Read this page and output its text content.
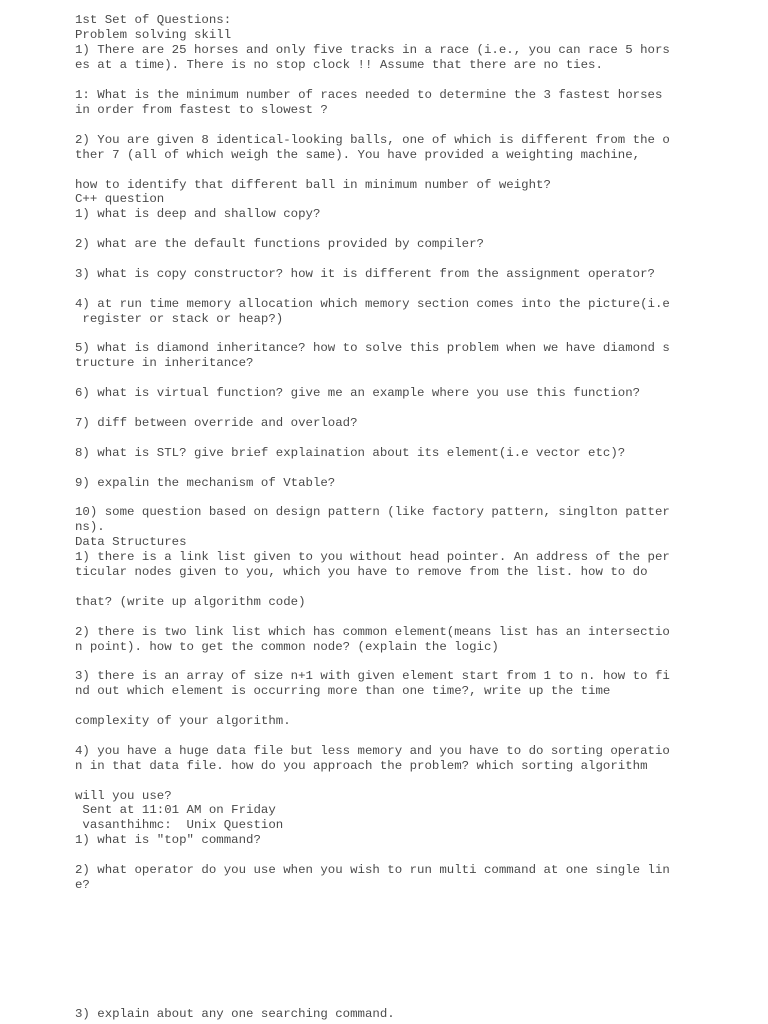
1st Set of Questions:

Problem solving skill

1) There are 25 horses and only five tracks in a race (i.e., you can race 5 hors

es at a time). There is no stop clock !! Assume that there are no ties.

1: What is the minimum number of races needed to determine the 3 fastest horses

in order from fastest to slowest ?

2) You are given 8 identical-looking balls, one of which is different from the o

ther 7 (all of which weigh the same). You have provided a weighting machine,

how to identify that different ball in minimum number of weight?

C++ question

1) what is deep and shallow copy?

2) what are the default functions provided by compiler?

3) what is copy constructor? how it is different from the assignment operator?

4) at run time memory allocation which memory section comes into the picture(i.e

register or stack or heap?)

5) what is diamond inheritance? how to solve this problem when we have diamond s

tructure in inheritance?

6) what is virtual function? give me an example where you use this function?

7) diff between override and overload?

8) what is STL? give brief explaination about its element(i.e vector etc)?

9) expalin the mechanism of Vtable?

10) some question based on design pattern (like factory pattern, singlton patter

ns).

Data Structures

1) there is a link list given to you without head pointer. An address of the per

ticular nodes given to you, which you have to remove from the list. how to do

that? (write up algorithm code)

2) there is two link list which has common element(means list has an intersectio

n point). how to get the common node? (explain the logic)

3) there is an array of size n+1 with given element start from 1 to n. how to fi

nd out which element is occurring more than one time?, write up the time

complexity of your algorithm.

4) you have a huge data file but less memory and you have to do sorting operatio

n in that data file. how do you approach the problem? which sorting algorithm

will you use?

Sent at 11:01 AM on Friday

vasanthihmc:  Unix Question

1) what is "top" command?

2) what operator do you use when you wish to run multi command at one single lin

e?

3) explain about any one searching command.
